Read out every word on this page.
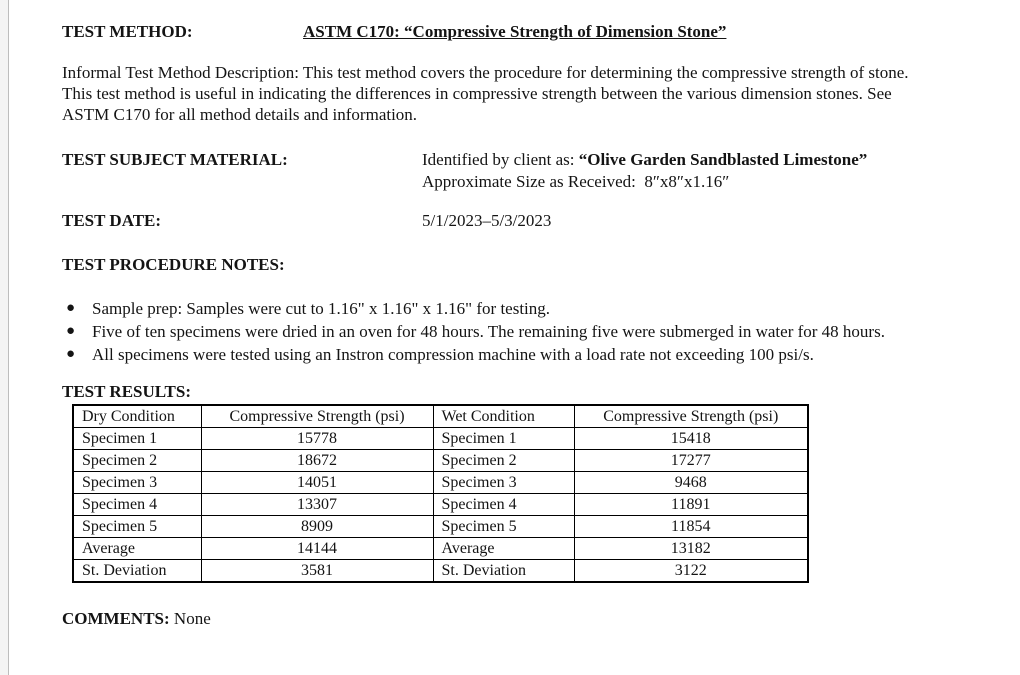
TEST METHOD:	ASTM C170: “Compressive Strength of Dimension Stone”

Informal Test Method Description: This test method covers the procedure for determining the compressive strength of stone. This test method is useful in indicating the differences in compressive strength between the various dimension stones. See ASTM C170 for all method details and information.

TEST SUBJECT MATERIAL:	Identified by client as: “Olive Garden Sandblasted Limestone”
Approximate Size as Received:  8″x8″x1.16″
TEST DATE:	5/1/2023–5/3/2023
TEST PROCEDURE NOTES:
● Sample prep: Samples were cut to 1.16" x 1.16" x 1.16" for testing.
● Five of ten specimens were dried in an oven for 48 hours. The remaining five were submerged in water for 48 hours.
● All specimens were tested using an Instron compression machine with a load rate not exceeding 100 psi/s.
TEST RESULTS:
Dry Condition	Compressive Strength (psi)	Wet Condition	Compressive Strength (psi)
Specimen 1	15778	Specimen 1	15418
Specimen 2	18672	Specimen 2	17277
Specimen 3	14051	Specimen 3	9468
Specimen 4	13307	Specimen 4	11891
Specimen 5	8909	Specimen 5	11854
Average	14144	Average	13182
St. Deviation	3581	St. Deviation	3122
COMMENTS: None
